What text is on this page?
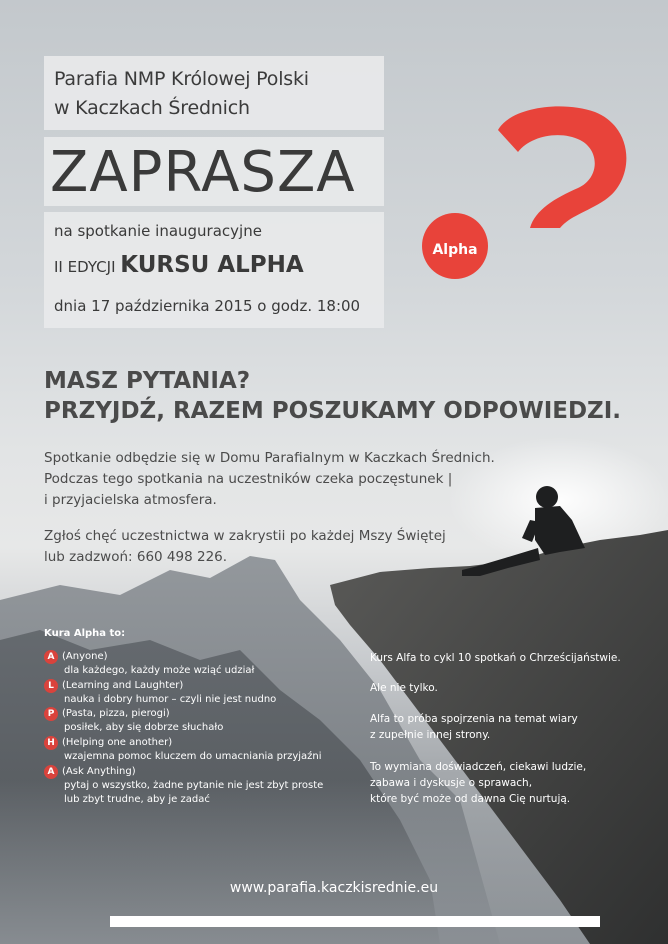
Parafia NMP Królowej Polski
w Kaczkach Średnich
ZAPRASZA
na spotkanie inauguracyjne
II EDYCJI KURSU ALPHA
dnia 17 października 2015 o godz. 18:00
Alpha
MASZ PYTANIA?
PRZYJDŹ, RAZEM POSZUKAMY ODPOWIEDZI.
Spotkanie odbędzie się w Domu Parafialnym w Kaczkach Średnich.
Podczas tego spotkania na uczestników czeka poczęstunek |
i przyjacielska atmosfera.
Zgłoś chęć uczestnictwa w zakrystii po każdej Mszy Świętej
lub zadzwoń: 660 498 226.
Kura Alpha to:
A (Anyone)
dla każdego, każdy może wziąć udział
L (Learning and Laughter)
nauka i dobry humor – czyli nie jest nudno
P (Pasta, pizza, pierogi)
posiłek, aby się dobrze słuchało
H (Helping one another)
wzajemna pomoc kluczem do umacniania przyjaźni
A (Ask Anything)
pytaj o wszystko, żadne pytanie nie jest zbyt proste
lub zbyt trudne, aby je zadać
Kurs Alfa to cykl 10 spotkań o Chrześcijaństwie.
Ale nie tylko.
Alfa to próba spojrzenia na temat wiary
z zupełnie innej strony.
To wymiana doświadczeń, ciekawi ludzie,
zabawa i dyskusje o sprawach,
które być może od dawna Cię nurtują.
www.parafia.kaczkisrednie.eu
